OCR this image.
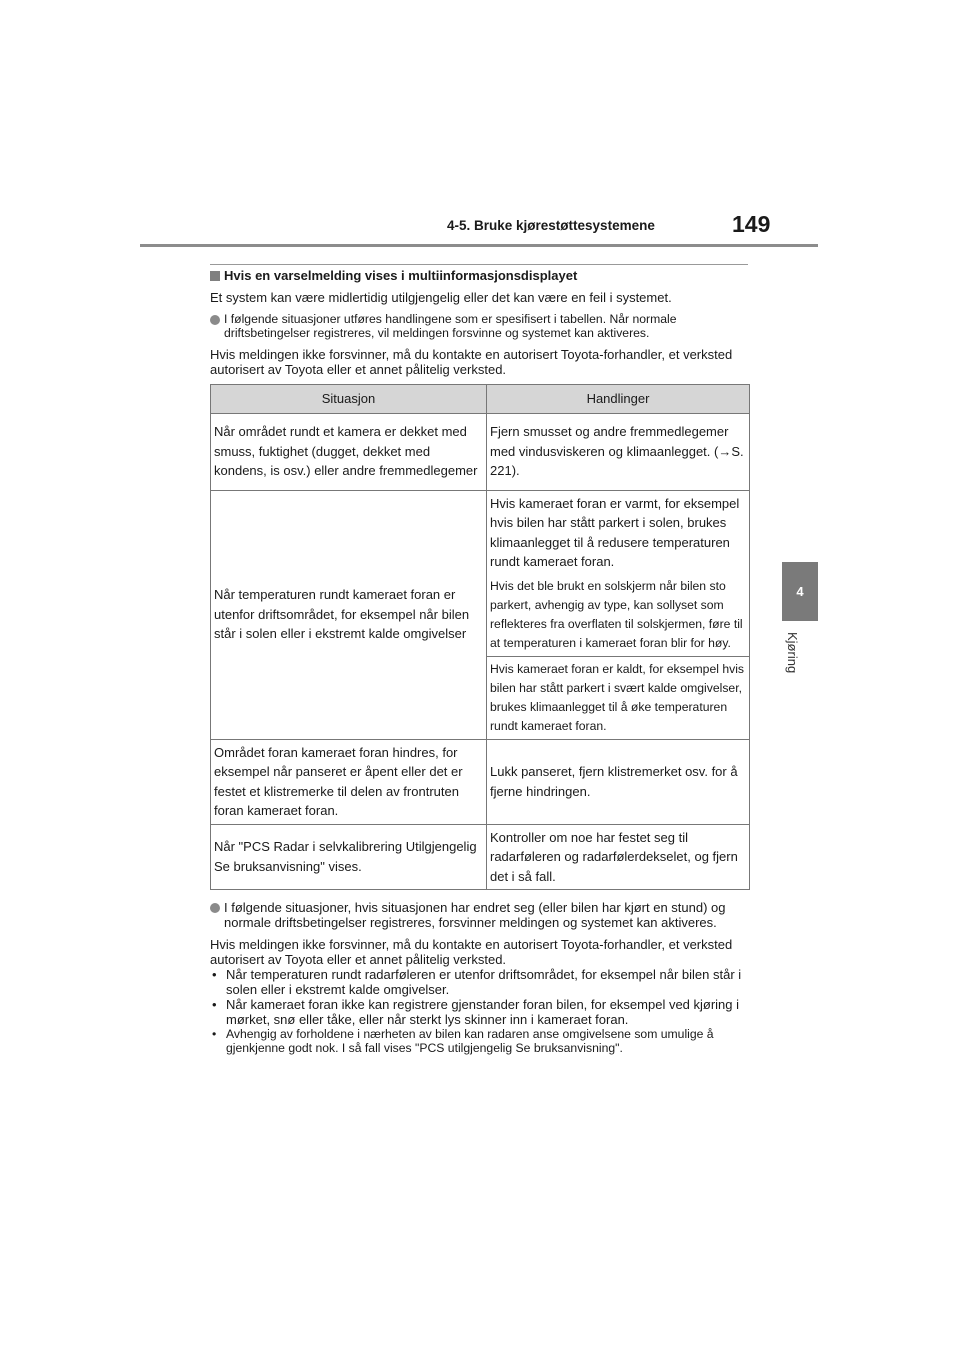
149
4-5. Bruke kjørestøttesystemene
4
Kjøring
Hvis en varselmelding vises i multiinformasjonsdisplayet

Et system kan være midlertidig utilgjengelig eller det kan være en feil i systemet.

I følgende situasjoner utføres handlingene som er spesifisert i tabellen. Når normale driftsbetingelser registreres, vil meldingen forsvinne og systemet kan aktiveres.

Hvis meldingen ikke forsvinner, må du kontakte en autorisert Toyota-forhandler, et verksted autorisert av Toyota eller et annet pålitelig verksted.

Situasjon	Handlinger
Når området rundt et kamera er dekket med smuss, fuktighet (dugget, dekket med kondens, is osv.) eller andre fremmedlegemer	Fjern smusset og andre fremmedlegemer med vindusviskeren og klimaanlegget. (→S. 221).
Når temperaturen rundt kameraet foran er utenfor driftsområdet, for eksempel når bilen står i solen eller i ekstremt kalde omgivelser	Hvis kameraet foran er varmt, for eksempel hvis bilen har stått parkert i solen, brukes klimaanlegget til å redusere temperaturen rundt kameraet foran.
Hvis det ble brukt en solskjerm når bilen sto parkert, avhengig av type, kan sollyset som reflekteres fra overflaten til solskjermen, føre til at temperaturen i kameraet foran blir for høy.

	Hvis kameraet foran er kaldt, for eksempel hvis bilen har stått parkert i svært kalde omgivelser, brukes klimaanlegget til å øke temperaturen rundt kameraet foran.
Området foran kameraet foran hindres, for eksempel når panseret er åpent eller det er festet et klistremerke til delen av frontruten foran kameraet foran.	Lukk panseret, fjern klistremerket osv. for å fjerne hindringen.
Når "PCS Radar i selvkalibrering Utilgjengelig Se bruksanvisning" vises.	Kontroller om noe har festet seg til radarføleren og radarfølerdekselet, og fjern det i så fall.
I følgende situasjoner, hvis situasjonen har endret seg (eller bilen har kjørt en stund) og normale driftsbetingelser registreres, forsvinner meldingen og systemet kan aktiveres.

Hvis meldingen ikke forsvinner, må du kontakte en autorisert Toyota-forhandler, et verksted autorisert av Toyota eller et annet pålitelig verksted.

• Når temperaturen rundt radarføleren er utenfor driftsområdet, for eksempel når bilen står i solen eller i ekstremt kalde omgivelser.
• Når kameraet foran ikke kan registrere gjenstander foran bilen, for eksempel ved kjøring i mørket, snø eller tåke, eller når sterkt lys skinner inn i kameraet foran.
• Avhengig av forholdene i nærheten av bilen kan radaren anse omgivelsene som umulige å gjenkjenne godt nok. I så fall vises "PCS utilgjengelig Se bruksanvisning".
